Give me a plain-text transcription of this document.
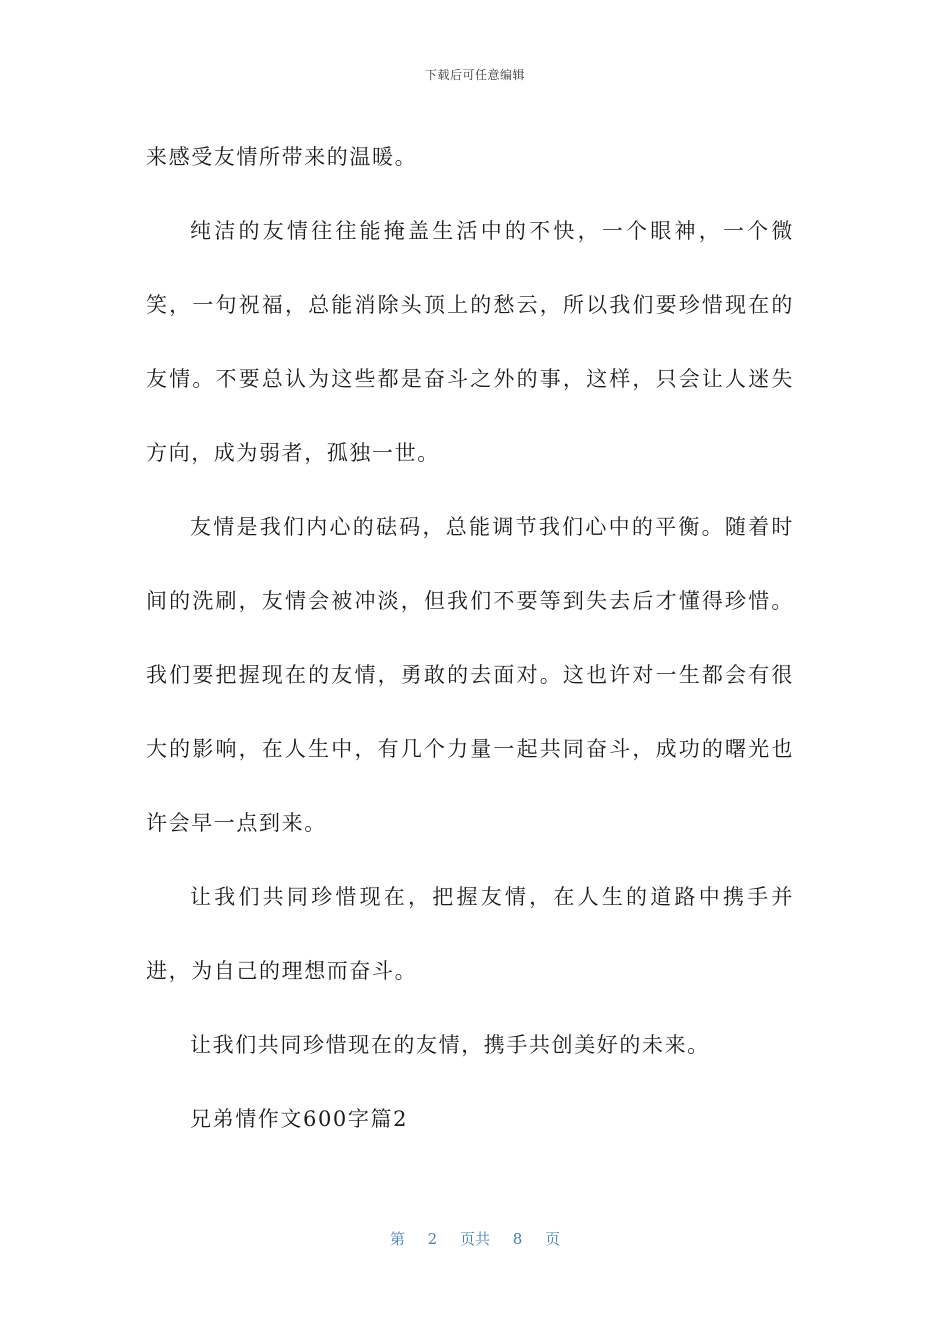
下载后可任意编辑

来感受友情所带来的温暖。

纯洁的友情往往能掩盖生活中的不快，一个眼神，一个微笑，一句祝福，总能消除头顶上的愁云，所以我们要珍惜现在的友情。不要总认为这些都是奋斗之外的事，这样，只会让人迷失方向，成为弱者，孤独一世。

友情是我们内心的砝码，总能调节我们心中的平衡。随着时间的洗刷，友情会被冲淡，但我们不要等到失去后才懂得珍惜。我们要把握现在的友情，勇敢的去面对。这也许对一生都会有很大的影响，在人生中，有几个力量一起共同奋斗，成功的曙光也许会早一点到来。

让我们共同珍惜现在，把握友情，在人生的道路中携手并进，为自己的理想而奋斗。

让我们共同珍惜现在的友情，携手共创美好的未来。

兄弟情作文600字篇2

第 2 页共 8 页
